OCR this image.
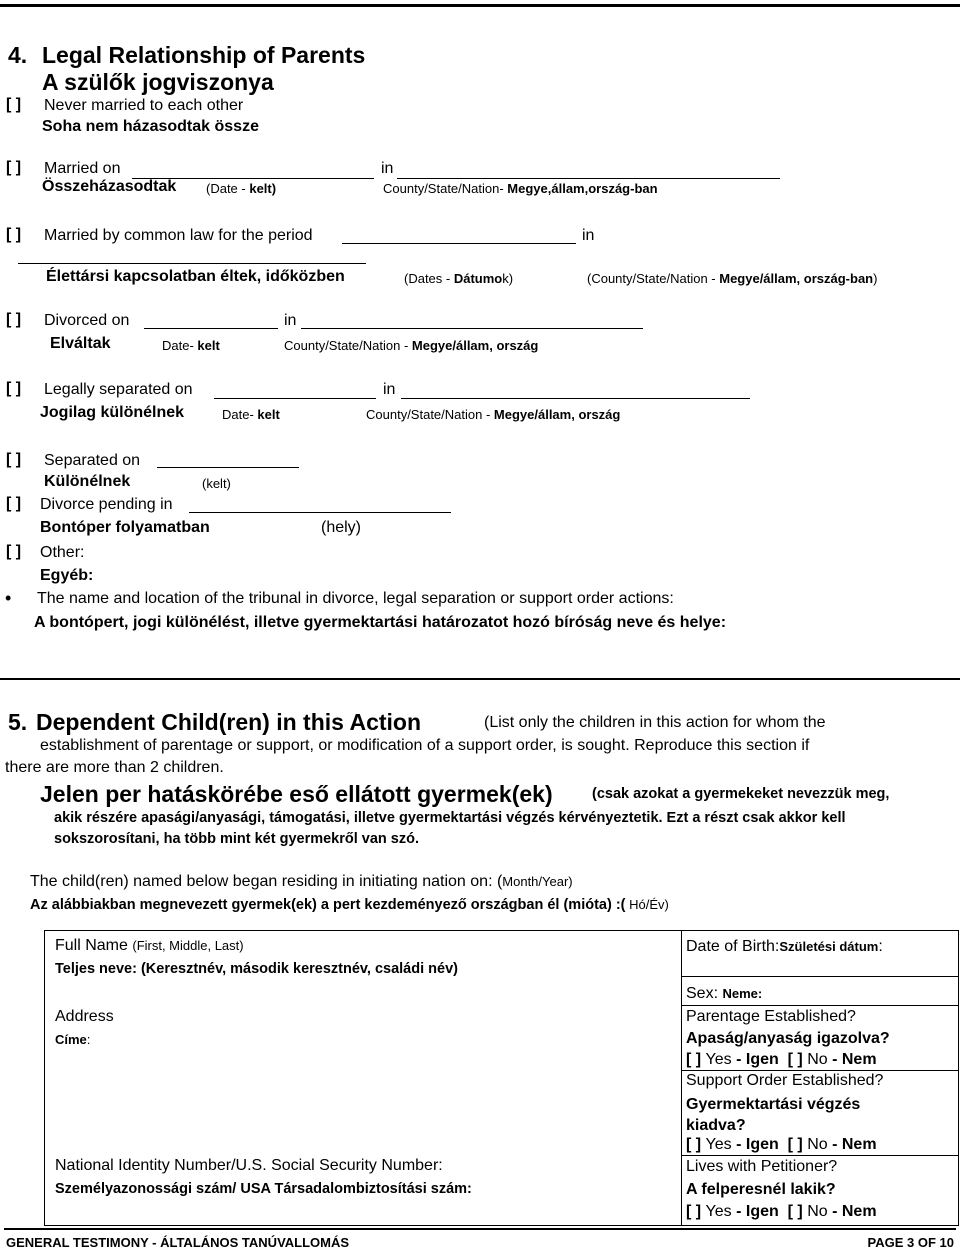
4. Legal Relationship of Parents
A szülők jogviszonya
[ ] Never married to each other
Soha nem házasodtak össze
[ ] Married on	in
Összeházasodtak (Date - kelt)	County/State/Nation- Megye,állam,ország-ban
[ ] Married by common law for the period	in
Élettársi kapcsolatban éltek, időközben	(Dates - Dátumok)	(County/State/Nation - Megye/állam, ország-ban)
[ ] Divorced on	in
Elváltak	Date- kelt	County/State/Nation - Megye/állam, ország
[ ] Legally separated on	in
Jogilag különélnek	Date- kelt	County/State/Nation - Megye/állam, ország
[ ] Separated on
Különélnek	(kelt)
[ ] Divorce pending in
Bontóper folyamatban	(hely)
[ ] Other:
Egyéb:
• The name and location of the tribunal in divorce, legal separation or support order actions:
A bontópert, jogi különélést, illetve gyermektartási határozatot hozó bíróság neve és helye:
5. Dependent Child(ren) in this Action	(List only the children in this action for whom the
establishment of parentage or support, or modification of a support order, is sought. Reproduce this section if
there are more than 2 children.
Jelen per hatáskörébe eső ellátott gyermek(ek)	(csak azokat a gyermekeket nevezzük meg,
akik részére apasági/anyasági, támogatási, illetve gyermektartási végzés kérvényeztetik. Ezt a részt csak akkor kell
sokszorosítani, ha több mint két gyermekről van szó.
The child(ren) named below began residing in initiating nation on: (Month/Year)
Az alábbiakban megnevezett gyermek(ek) a pert kezdeményező országban él (mióta) :( Hó/Év)
Full Name (First, Middle, Last)
Teljes neve: (Keresztnév, második keresztnév, családi név)
Address
Címe:
National Identity Number/U.S. Social Security Number:
Személyazonossági szám/ USA Társadalombiztosítási szám:

Date of Birth:Születési dátum:
Sex: Neme:
Parentage Established?
Apaság/anyaság igazolva?
[ ] Yes - Igen  [ ] No - Nem
Support Order Established?
Gyermektartási végzés kiadva?
[ ] Yes - Igen  [ ] No - Nem
Lives with Petitioner?
A felperesnél lakik?
[ ] Yes - Igen  [ ] No - Nem
GENERAL TESTIMONY - ÁLTALÁNOS TANÚVALLOMÁS	PAGE 3 OF 10
